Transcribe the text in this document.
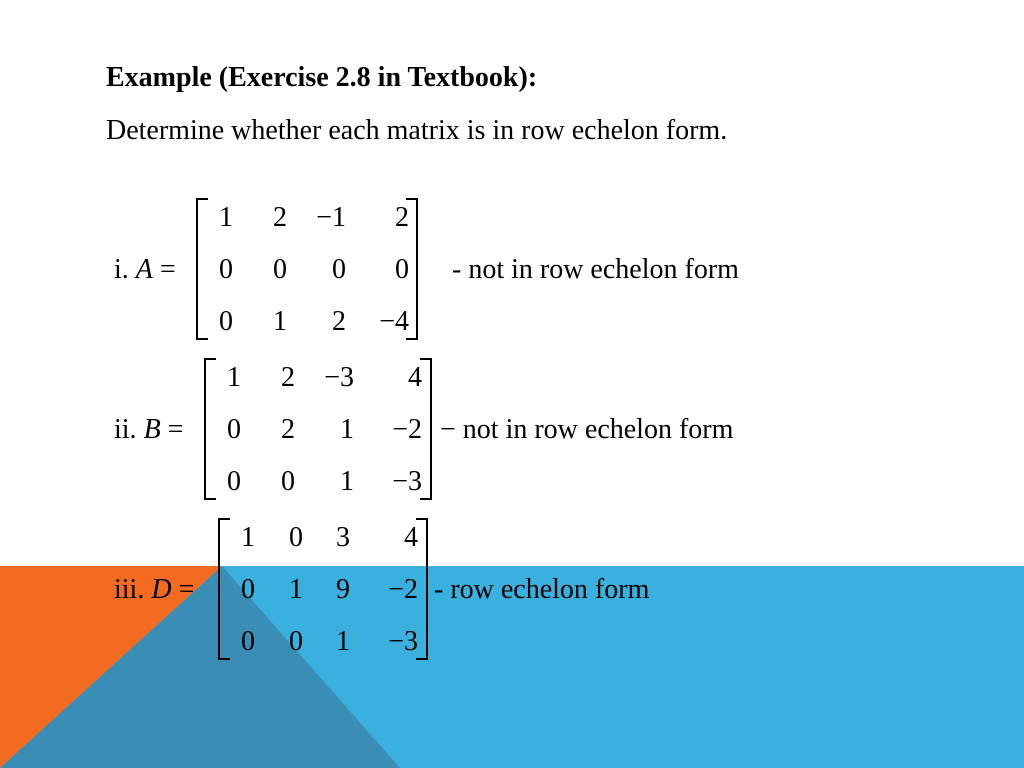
Example (Exercise 2.8 in Textbook):
Determine whether each matrix is in row echelon form.
i. A =
1	2	−1	2
0	0	0	0
0	1	2	−4
- not in row echelon form
ii. B =
1	2	−3	4
0	2	1	−2
0	0	1	−3
− not in row echelon form
iii. D =
1	0	3	4
0	1	9	−2
0	0	1	−3
- row echelon form
